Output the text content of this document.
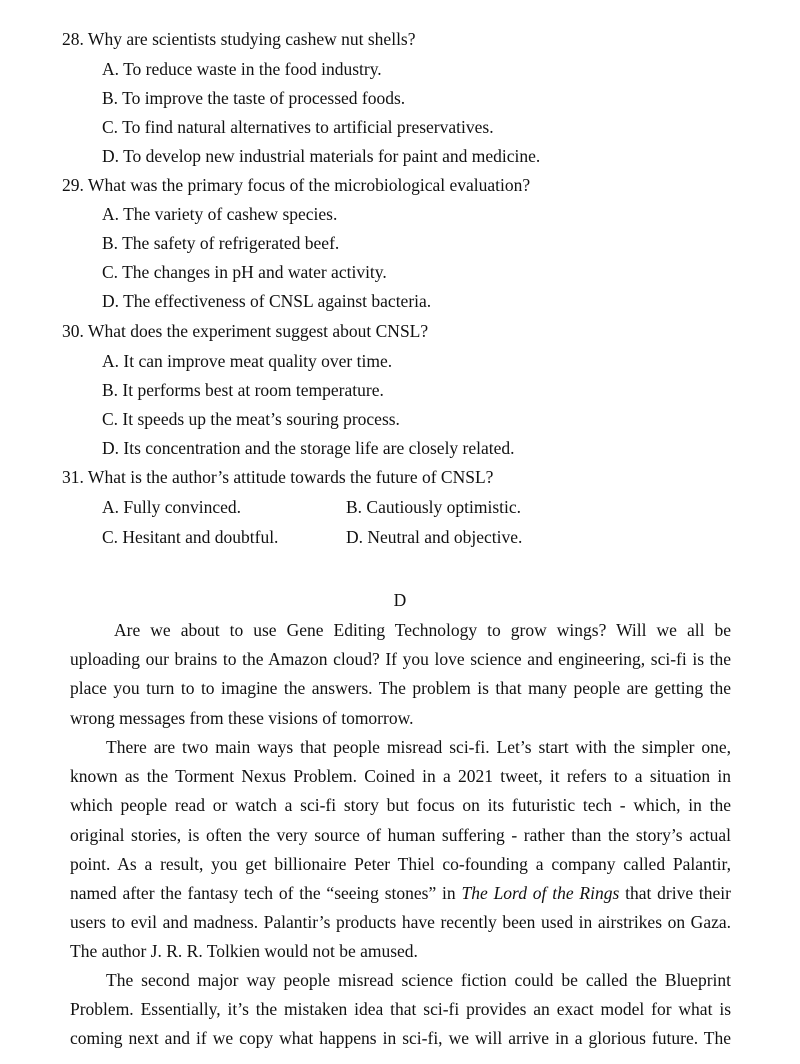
28. Why are scientists studying cashew nut shells?
A. To reduce waste in the food industry.
B. To improve the taste of processed foods.
C. To find natural alternatives to artificial preservatives.
D. To develop new industrial materials for paint and medicine.
29. What was the primary focus of the microbiological evaluation?
A. The variety of cashew species.
B. The safety of refrigerated beef.
C. The changes in pH and water activity.
D. The effectiveness of CNSL against bacteria.
30. What does the experiment suggest about CNSL?
A. It can improve meat quality over time.
B. It performs best at room temperature.
C. It speeds up the meat’s souring process.
D. Its concentration and the storage life are closely related.
31. What is the author’s attitude towards the future of CNSL?
A. Fully convinced.	B. Cautiously optimistic.
C. Hesitant and doubtful.	D. Neutral and objective.
D
Are we about to use Gene Editing Technology to grow wings? Will we all be
uploading our brains to the Amazon cloud? If you love science and engineering, sci-fi is the
place you turn to to imagine the answers. The problem is that many people are getting the
wrong messages from these visions of tomorrow.
There are two main ways that people misread sci-fi. Let’s start with the simpler one,
known as the Torment Nexus Problem. Coined in a 2021 tweet, it refers to a situation in
which people read or watch a sci-fi story but focus on its futuristic tech - which, in the
original stories, is often the very source of human suffering - rather than the story’s actual
point. As a result, you get billionaire Peter Thiel co-founding a company called Palantir,
named after the fantasy tech of the “seeing stones” in The Lord of the Rings that drive their
users to evil and madness. Palantir’s products have recently been used in airstrikes on Gaza.
The author J. R. R. Tolkien would not be amused.
The second major way people misread science fiction could be called the Blueprint
Problem. Essentially, it’s the mistaken idea that sci-fi provides an exact model for what is
coming next and if we copy what happens in sci-fi, we will arrive in a glorious future. The
